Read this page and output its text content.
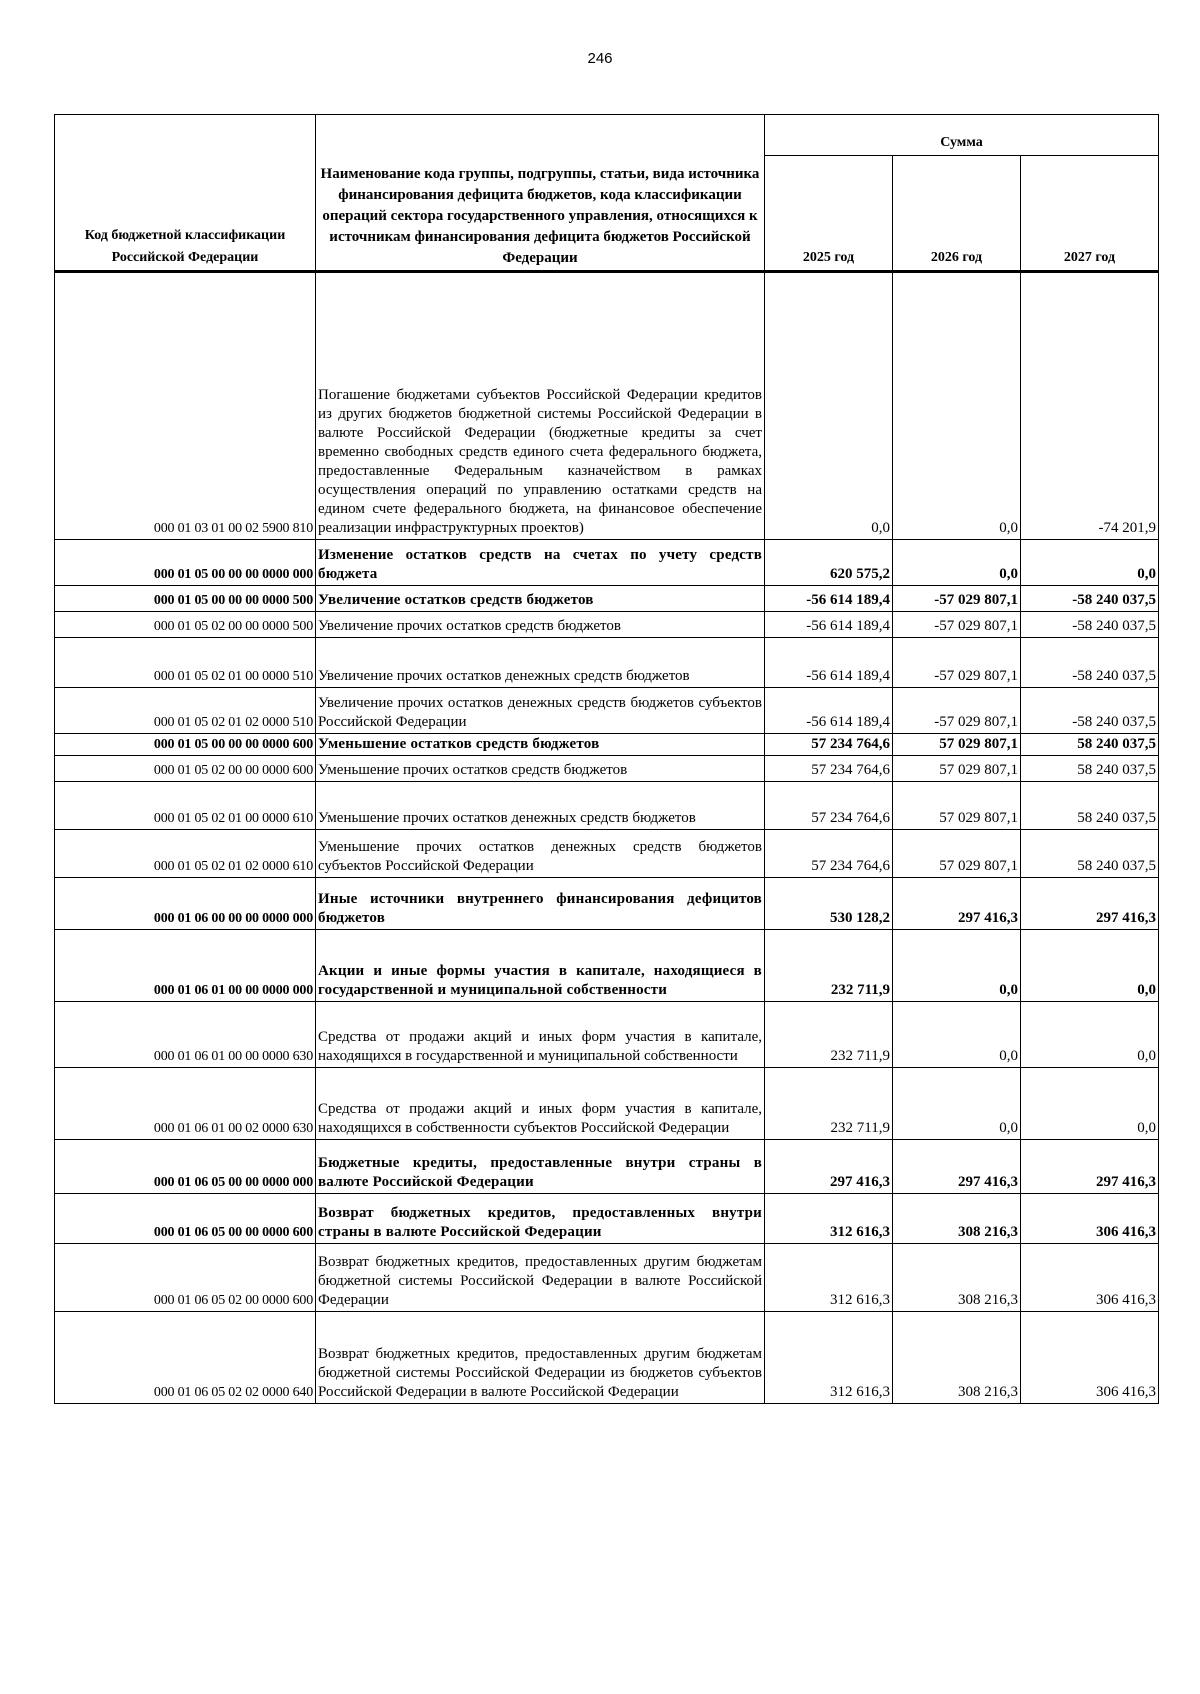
246
Код бюджетной классификации Российской Федерации	Наименование кода группы, подгруппы, статьи, вида источника финансирования дефицита бюджетов, кода классификации операций сектора государственного управления, относящихся к источникам финансирования дефицита бюджетов Российской Федерации	Сумма		
		2025 год	2026 год	2027 год
000 01 03 01 00 02 5900 810	Погашение бюджетами субъектов Российской Федерации кредитов из других бюджетов бюджетной системы Российской Федерации в валюте Российской Федерации (бюджетные кредиты за счет временно свободных средств единого счета федерального бюджета, предоставленные Федеральным казначейством в рамках осуществления операций по управлению остатками средств на едином счете федерального бюджета, на финансовое обеспечение реализации инфраструктурных проектов)	0,0	0,0	-74 201,9
000 01 05 00 00 00 0000 000	Изменение остатков средств на счетах по учету средств бюджета	620 575,2	0,0	0,0
000 01 05 00 00 00 0000 500	Увеличение остатков средств бюджетов	-56 614 189,4	-57 029 807,1	-58 240 037,5
000 01 05 02 00 00 0000 500	Увеличение прочих остатков средств бюджетов	-56 614 189,4	-57 029 807,1	-58 240 037,5
000 01 05 02 01 00 0000 510	Увеличение прочих остатков денежных средств бюджетов	-56 614 189,4	-57 029 807,1	-58 240 037,5
000 01 05 02 01 02 0000 510	Увеличение прочих остатков денежных средств бюджетов субъектов Российской Федерации	-56 614 189,4	-57 029 807,1	-58 240 037,5
000 01 05 00 00 00 0000 600	Уменьшение остатков средств бюджетов	57 234 764,6	57 029 807,1	58 240 037,5
000 01 05 02 00 00 0000 600	Уменьшение прочих остатков средств бюджетов	57 234 764,6	57 029 807,1	58 240 037,5
000 01 05 02 01 00 0000 610	Уменьшение прочих остатков денежных средств бюджетов	57 234 764,6	57 029 807,1	58 240 037,5
000 01 05 02 01 02 0000 610	Уменьшение прочих остатков денежных средств бюджетов субъектов Российской Федерации	57 234 764,6	57 029 807,1	58 240 037,5
000 01 06 00 00 00 0000 000	Иные источники внутреннего финансирования дефицитов бюджетов	530 128,2	297 416,3	297 416,3
000 01 06 01 00 00 0000 000	Акции и иные формы участия в капитале, находящиеся в государственной и муниципальной собственности	232 711,9	0,0	0,0
000 01 06 01 00 00 0000 630	Средства от продажи акций и иных форм участия в капитале, находящихся в государственной и муниципальной собственности	232 711,9	0,0	0,0
000 01 06 01 00 02 0000 630	Средства от продажи акций и иных форм участия в капитале, находящихся в собственности субъектов Российской Федерации	232 711,9	0,0	0,0
000 01 06 05 00 00 0000 000	Бюджетные кредиты, предоставленные внутри страны в валюте Российской Федерации	297 416,3	297 416,3	297 416,3
000 01 06 05 00 00 0000 600	Возврат бюджетных кредитов, предоставленных внутри страны в валюте Российской Федерации	312 616,3	308 216,3	306 416,3
000 01 06 05 02 00 0000 600	Возврат бюджетных кредитов, предоставленных другим бюджетам бюджетной системы Российской Федерации в валюте Российской Федерации	312 616,3	308 216,3	306 416,3
000 01 06 05 02 02 0000 640	Возврат бюджетных кредитов, предоставленных другим бюджетам бюджетной системы Российской Федерации из бюджетов субъектов Российской Федерации в валюте Российской Федерации	312 616,3	308 216,3	306 416,3
